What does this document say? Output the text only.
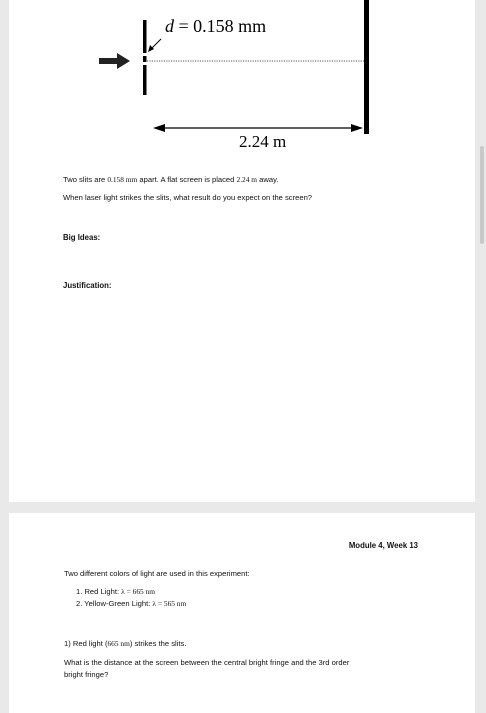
d = 0.158 mm
2.24 m
Two slits are 0.158 mm apart. A flat screen is placed 2.24 m away.
When laser light strikes the slits, what result do you expect on the screen?
Big Ideas:
Justification:
Module 4, Week 13
Two different colors of light are used in this experiment:
1. Red Light: λ = 665 nm
2. Yellow-Green Light: λ = 565 nm
1) Red light (665 nm) strikes the slits.
What is the distance at the screen between the central bright fringe and the 3rd order
bright fringe?
